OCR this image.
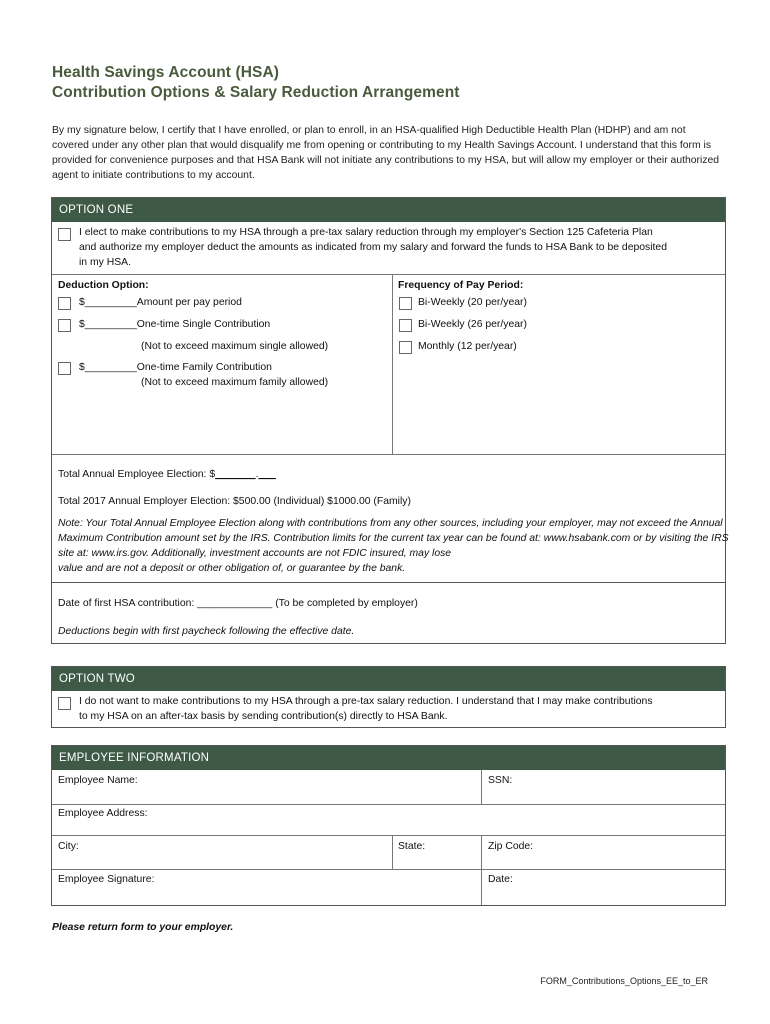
Health Savings Account (HSA)
Contribution Options & Salary Reduction Arrangement
By my signature below, I certify that I have enrolled, or plan to enroll, in an HSA-qualified High Deductible Health Plan (HDHP) and am not covered under any other plan that would disqualify me from opening or contributing to my Health Savings Account. I understand that this form is provided for convenience purposes and that HSA Bank will not initiate any contributions to my HSA, but will allow my employer or their authorized agent to initiate contributions to my account.
OPTION ONE
I elect to make contributions to my HSA through a pre-tax salary reduction through my employer's Section 125 Cafeteria Plan
and authorize my employer deduct the amounts as indicated from my salary and forward the funds to HSA Bank to be deposited
in my HSA.
Deduction Option:
$_________Amount per pay period
$_________One-time Single Contribution
(Not to exceed maximum single allowed)
$_________One-time Family Contribution
(Not to exceed maximum family allowed)
Frequency of Pay Period:
Bi-Weekly (20 per/year)
Bi-Weekly (26 per/year)
Monthly (12 per/year)
Total Annual Employee Election: $_______.___
Total 2017 Annual Employer Election: $500.00 (Individual) $1000.00 (Family)
Note: Your Total Annual Employee Election along with contributions from any other sources, including your employer, may not exceed the Annual
Maximum Contribution amount set by the IRS. Contribution limits for the current tax year can be found at: www.hsabank.com or by visiting the IRS
site at: www.irs.gov. Additionally, investment accounts are not FDIC insured, may lose
value and are not a deposit or other obligation of, or guarantee by the bank.
Date of first HSA contribution: _____________ (To be completed by employer)
Deductions begin with first paycheck following the effective date.
OPTION TWO
I do not want to make contributions to my HSA through a pre-tax salary reduction. I understand that I may make contributions
to my HSA on an after-tax basis by sending contribution(s) directly to HSA Bank.
EMPLOYEE INFORMATION
Employee Name:	SSN:
Employee Address:
City:	State:	Zip Code:
Employee Signature:	Date:
Please return form to your employer.
FORM_Contributions_Options_EE_to_ER
